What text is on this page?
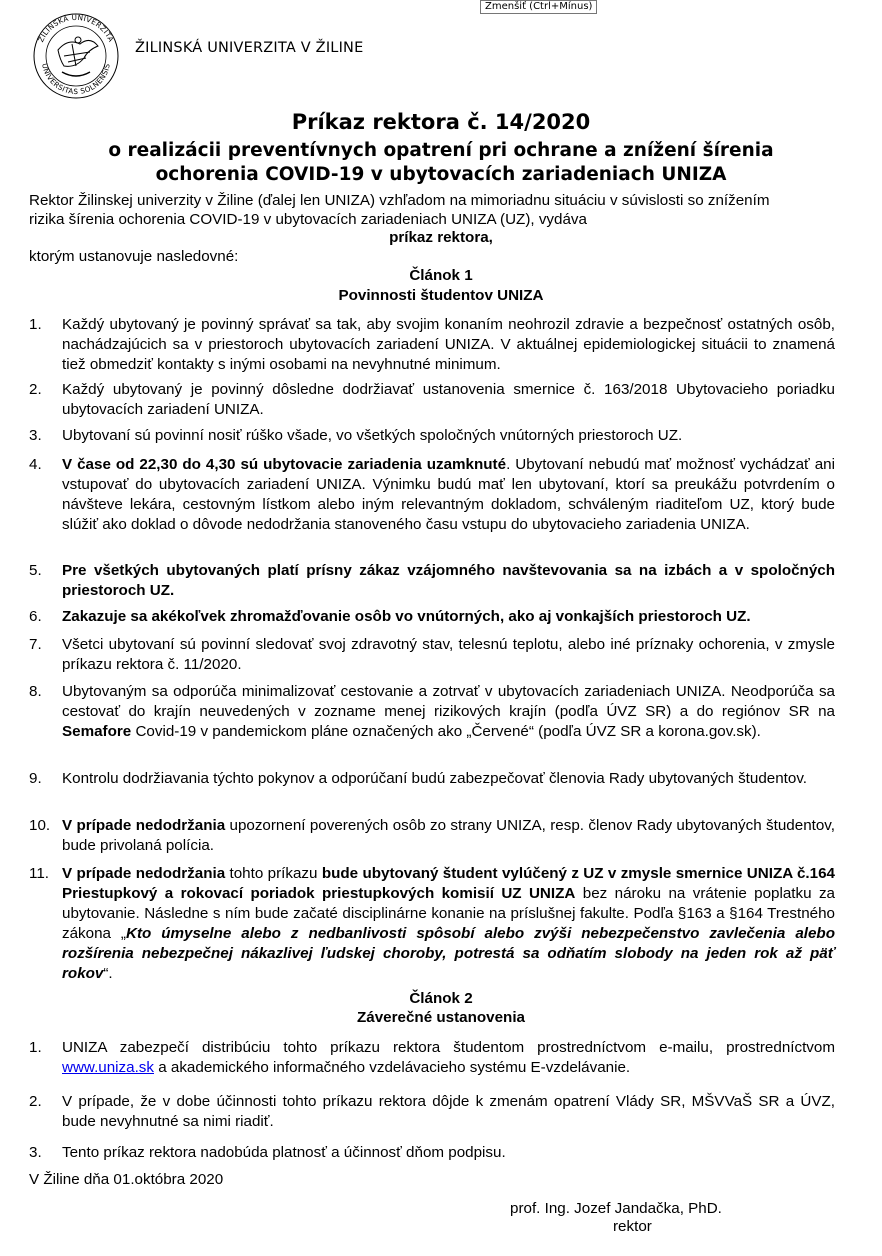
Zmenšiť (Ctrl+Mínus)
ŽILINSKÁ UNIVERZITA
UNIVERSITAS SOLNENSIS
ŽILINSKÁ UNIVERZITA V ŽILINE
Príkaz rektora č. 14/2020
o realizácii preventívnych opatrení pri ochrane a znížení šírenia
ochorenia COVID-19 v ubytovacích zariadeniach UNIZA
Rektor Žilinskej univerzity v Žiline (ďalej len UNIZA) vzhľadom na mimoriadnu situáciu v súvislosti so znížením
rizika šírenia ochorenia COVID-19 v ubytovacích zariadeniach UNIZA (UZ), vydáva
príkaz rektora,
ktorým ustanovuje nasledovné:
Článok 1
Povinnosti študentov UNIZA
1. Každý ubytovaný je povinný správať sa tak, aby svojim konaním neohrozil zdravie a bezpečnosť ostatných osôb, nachádzajúcich sa v priestoroch ubytovacích zariadení UNIZA. V aktuálnej epidemiologickej situácii to znamená tiež obmedziť kontakty s inými osobami na nevyhnutné minimum.
2. Každý ubytovaný je povinný dôsledne dodržiavať ustanovenia smernice č. 163/2018 Ubytovacieho poriadku ubytovacích zariadení UNIZA.
3. Ubytovaní sú povinní nosiť rúško všade, vo všetkých spoločných vnútorných priestoroch UZ.
4. V čase od 22,30 do 4,30 sú ubytovacie zariadenia uzamknuté. Ubytovaní nebudú mať možnosť vychádzať ani vstupovať do ubytovacích zariadení UNIZA. Výnimku budú mať len ubytovaní, ktorí sa preukážu potvrdením o návšteve lekára, cestovným lístkom alebo iným relevantným dokladom, schváleným riaditeľom UZ, ktorý bude slúžiť ako doklad o dôvode nedodržania stanoveného času vstupu do ubytovacieho zariadenia UNIZA.
5. Pre všetkých ubytovaných platí prísny zákaz vzájomného navštevovania sa na izbách a v spoločných priestoroch UZ.
6. Zakazuje sa akékoľvek zhromažďovanie osôb vo vnútorných, ako aj vonkajších priestoroch UZ.
7. Všetci ubytovaní sú povinní sledovať svoj zdravotný stav, telesnú teplotu, alebo iné príznaky ochorenia, v zmysle príkazu rektora č. 11/2020.
8. Ubytovaným sa odporúča minimalizovať cestovanie a zotrvať v ubytovacích zariadeniach UNIZA. Neodporúča sa cestovať do krajín neuvedených v zozname menej rizikových krajín (podľa ÚVZ SR) a do regiónov SR na Semafore Covid-19 v pandemickom pláne označených ako „Červené“ (podľa ÚVZ SR a korona.gov.sk).
9. Kontrolu dodržiavania týchto pokynov a odporúčaní budú zabezpečovať členovia Rady ubytovaných študentov.
10. V prípade nedodržania upozornení poverených osôb zo strany UNIZA, resp. členov Rady ubytovaných študentov, bude privolaná polícia.
11. V prípade nedodržania tohto príkazu bude ubytovaný študent vylúčený z UZ v zmysle smernice UNIZA č.164 Priestupkový a rokovací poriadok priestupkových komisií UZ UNIZA bez nároku na vrátenie poplatku za ubytovanie. Následne s ním bude začaté disciplinárne konanie na príslušnej fakulte. Podľa §163 a §164 Trestného zákona „Kto úmyselne alebo z nedbanlivosti spôsobí alebo zvýši nebezpečenstvo zavlečenia alebo rozšírenia nebezpečnej nákazlivej ľudskej choroby, potrestá sa odňatím slobody na jeden rok až päť rokov“.
Článok 2
Záverečné ustanovenia
1. UNIZA zabezpečí distribúciu tohto príkazu rektora študentom prostredníctvom e-mailu, prostredníctvom www.uniza.sk a akademického informačného vzdelávacieho systému E-vzdelávanie.
2. V prípade, že v dobe účinnosti tohto príkazu rektora dôjde k zmenám opatrení Vlády SR, MŠVVaŠ SR a ÚVZ, bude nevyhnutné sa nimi riadiť.
3. Tento príkaz rektora nadobúda platnosť a účinnosť dňom podpisu.
V Žiline dňa 01.októbra 2020
prof. Ing. Jozef Jandačka, PhD.
rektor
